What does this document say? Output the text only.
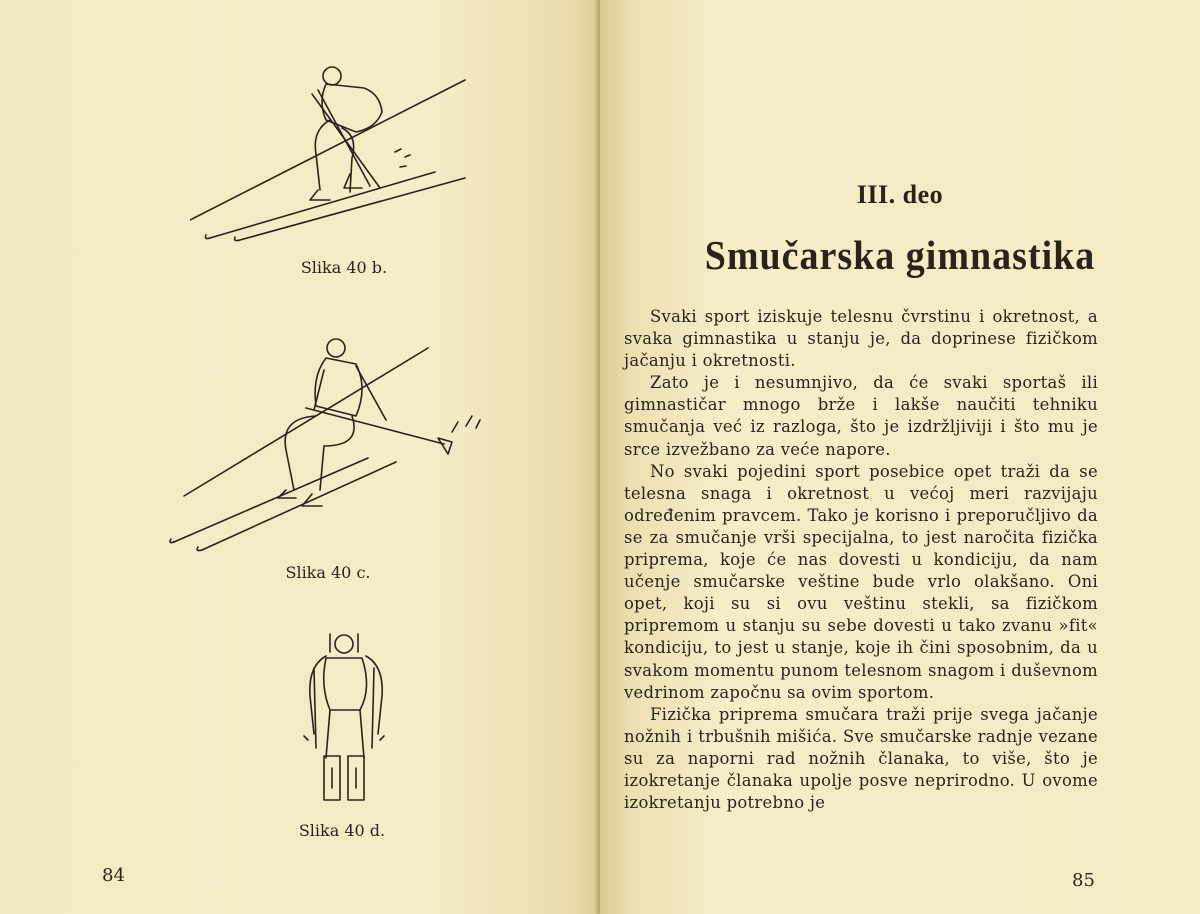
Slika 40 b.
Slika 40 c.
Slika 40 d.
84
III. deo
Smučarska gimnastika

Svaki sport iziskuje telesnu čvrstinu i okretnost, a svaka gimnastika u stanju je, da doprinese fizičkom jačanju i okretnosti.

Zato je i nesumnjivo, da će svaki sportaš ili gimnastičar mnogo brže i lakše naučiti tehniku smučanja već iz razloga, što je izdržljiviji i što mu je srce izvežbano za veće napore.

No svaki pojedini sport posebice opet traži da se telesna snaga i okretnost u većoj meri razvijaju određenim pravcem. Tako je korisno i preporučljivo da se za smučanje vrši specijalna, to jest naročita fizička priprema, koje će nas dovesti u kondiciju, da nam učenje smučarske veštine bude vrlo olakšano. Oni opet, koji su si ovu veštinu stekli, sa fizičkom pripremom u stanju su sebe dovesti u tako zvanu »fit« kondiciju, to jest u stanje, koje ih čini sposobnim, da u svakom momentu punom telesnom snagom i duševnom vedrinom započnu sa ovim sportom.

Fizička priprema smučara traži prije svega jačanje nožnih i trbušnih mišića. Sve smučarske radnje vezane su za naporni rad nožnih članaka, to više, što je izokretanje članaka upolje posve neprirodno. U ovome izokretanju potrebno je

85
